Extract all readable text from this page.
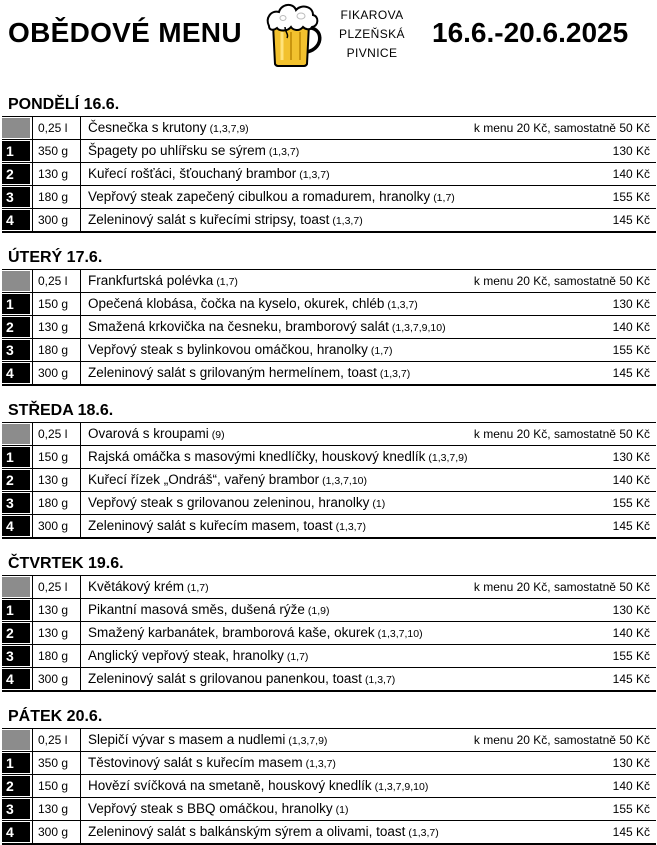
OBĚDOVÉ MENU
FIKAROVA
PLZEŇSKÁ
PIVNICE
16.6.-20.6.2025
PONDĚLÍ 16.6.
0,25 l Česnečka s krutony (1,3,7,9)	k menu 20 Kč, samostatně 50 Kč
1	350 g Špagety po uhlířsku se sýrem (1,3,7)	130 Kč
2	130 g Kuřecí rošťáci, šťouchaný brambor (1,3,7)	140 Kč
3	180 g Vepřový steak zapečený cibulkou a romadurem, hranolky (1,7)	155 Kč
4	300 g Zeleninový salát s kuřecími stripsy, toast (1,3,7)	145 Kč
ÚTERÝ 17.6.
0,25 l Frankfurtská polévka (1,7)	k menu 20 Kč, samostatně 50 Kč
1	150 g Opečená klobása, čočka na kyselo, okurek, chléb (1,3,7)	130 Kč
2	130 g Smažená krkovička na česneku, bramborový salát (1,3,7,9,10)	140 Kč
3	180 g Vepřový steak s bylinkovou omáčkou, hranolky (1,7)	155 Kč
4	300 g Zeleninový salát s grilovaným hermelínem, toast (1,3,7)	145 Kč
STŘEDA 18.6.
0,25 l Ovarová s kroupami (9)	k menu 20 Kč, samostatně 50 Kč
1	150 g Rajská omáčka s masovými knedlíčky, houskový knedlík (1,3,7,9)	130 Kč
2	130 g Kuřecí řízek „Ondráš“, vařený brambor (1,3,7,10)	140 Kč
3	180 g Vepřový steak s grilovanou zeleninou, hranolky (1)	155 Kč
4	300 g Zeleninový salát s kuřecím masem, toast (1,3,7)	145 Kč
ČTVRTEK 19.6.
0,25 l Květákový krém (1,7)	k menu 20 Kč, samostatně 50 Kč
1	130 g Pikantní masová směs, dušená rýže (1,9)	130 Kč
2	130 g Smažený karbanátek, bramborová kaše, okurek (1,3,7,10)	140 Kč
3	180 g Anglický vepřový steak, hranolky (1,7)	155 Kč
4	300 g Zeleninový salát s grilovanou panenkou, toast (1,3,7)	145 Kč
PÁTEK 20.6.
0,25 l Slepičí vývar s masem a nudlemi (1,3,7,9)	k menu 20 Kč, samostatně 50 Kč
1	350 g Těstovinový salát s kuřecím masem (1,3,7)	130 Kč
2	150 g Hovězí svíčková na smetaně, houskový knedlík (1,3,7,9,10)	140 Kč
3	130 g Vepřový steak s BBQ omáčkou, hranolky (1)	155 Kč
4	300 g Zeleninový salát s balkánským sýrem a olivami, toast (1,3,7)	145 Kč
